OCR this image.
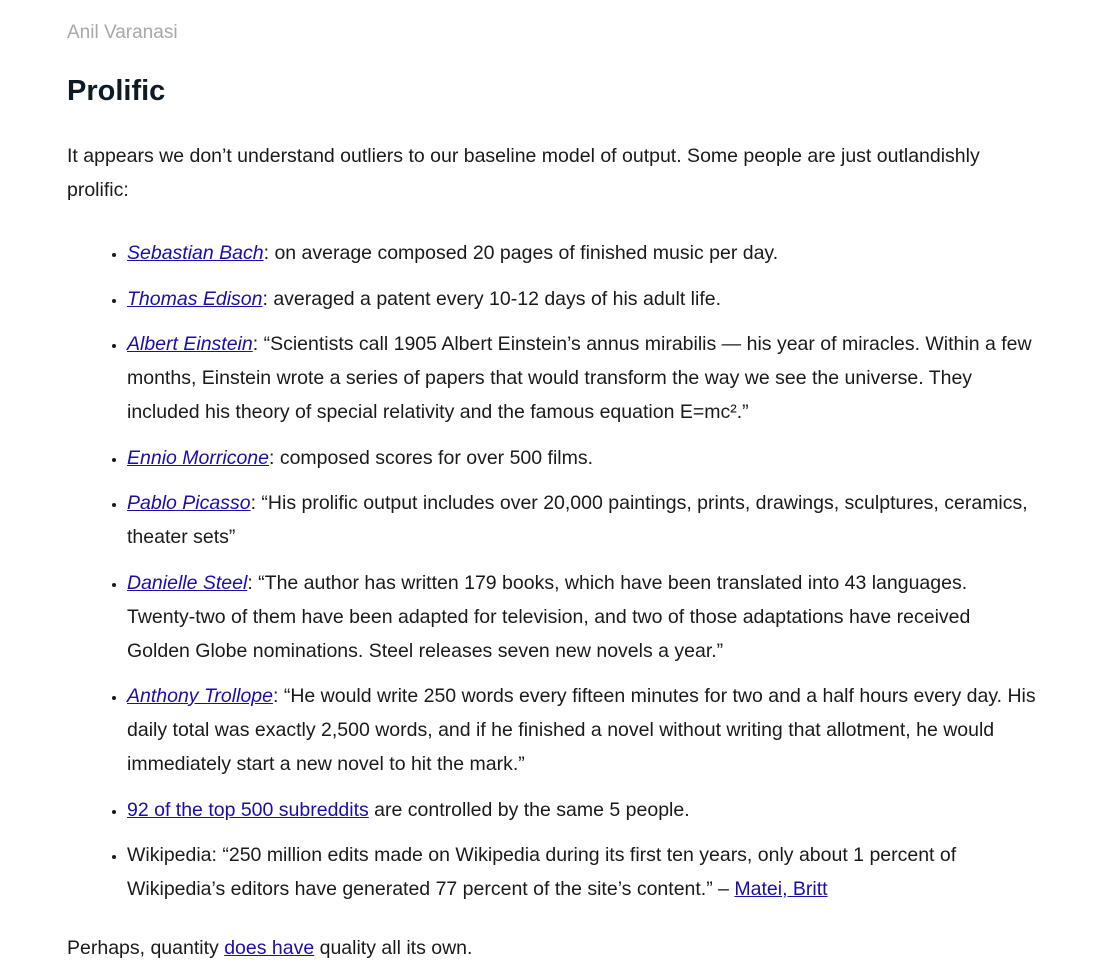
Anil Varanasi
Prolific

It appears we don’t understand outliers to our baseline model of output. Some people are just outlandishly prolific:

• Sebastian Bach: on average composed 20 pages of finished music per day.
• Thomas Edison: averaged a patent every 10-12 days of his adult life.
• Albert Einstein: “Scientists call 1905 Albert Einstein’s annus mirabilis — his year of miracles. Within a few months, Einstein wrote a series of papers that would transform the way we see the universe. They included his theory of special relativity and the famous equation E=mc².”
• Ennio Morricone: composed scores for over 500 films.
• Pablo Picasso: “His prolific output includes over 20,000 paintings, prints, drawings, sculptures, ceramics, theater sets”
• Danielle Steel: “The author has written 179 books, which have been translated into 43 languages. Twenty-two of them have been adapted for television, and two of those adaptations have received Golden Globe nominations. Steel releases seven new novels a year.”
• Anthony Trollope: “He would write 250 words every fifteen minutes for two and a half hours every day. His daily total was exactly 2,500 words, and if he finished a novel without writing that allotment, he would immediately start a new novel to hit the mark.”
• 92 of the top 500 subreddits are controlled by the same 5 people.
• Wikipedia: “250 million edits made on Wikipedia during its first ten years, only about 1 percent of Wikipedia’s editors have generated 77 percent of the site’s content.” – Matei, Britt

Perhaps, quantity does have quality all its own.
